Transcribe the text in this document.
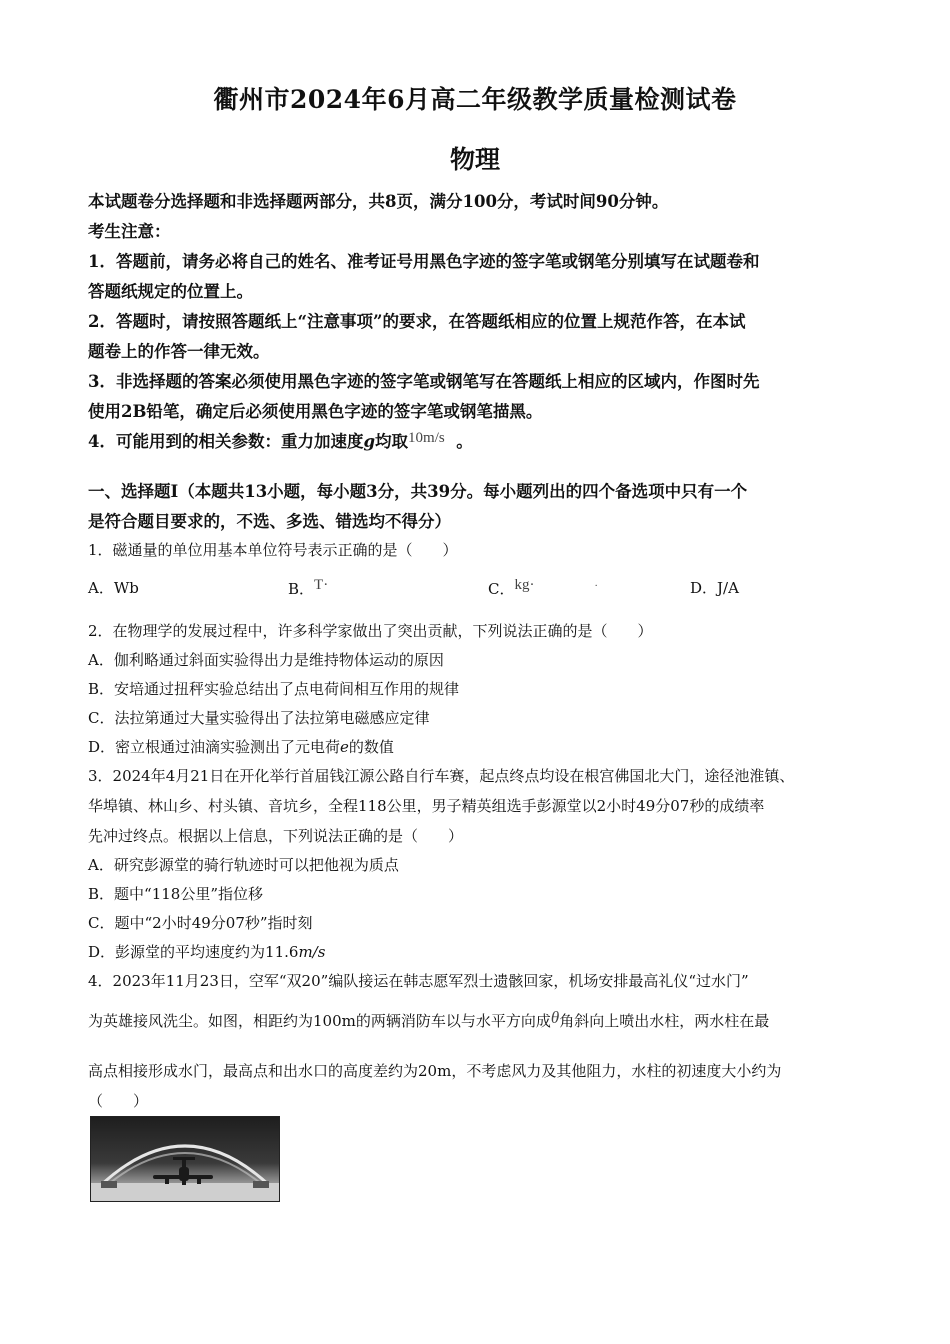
衢州市2024年6月高二年级教学质量检测试卷
物理
本试题卷分选择题和非选择题两部分，共8页，满分100分，考试时间90分钟。
考生注意：
1．答题前，请务必将自己的姓名、准考证号用黑色字迹的签字笔或钢笔分别填写在试题卷和
答题纸规定的位置上。
2．答题时，请按照答题纸上“注意事项”的要求，在答题纸相应的位置上规范作答，在本试
题卷上的作答一律无效。
3．非选择题的答案必须使用黑色字迹的签字笔或钢笔写在答题纸上相应的区域内，作图时先
使用2B铅笔，确定后必须使用黑色字迹的签字笔或钢笔描黑。
4．可能用到的相关参数：重力加速度g均取10m/s 。
一、选择题Ⅰ（本题共13小题，每小题3分，共39分。每小题列出的四个备选项中只有一个
是符合题目要求的，不选、多选、错选均不得分）
1．磁通量的单位用基本单位符号表示正确的是（　　）
A．Wb	B．T·	C．kg·	·	D．J/A
2．在物理学的发展过程中，许多科学家做出了突出贡献，下列说法正确的是（　　）
A．伽利略通过斜面实验得出力是维持物体运动的原因
B．安培通过扭秤实验总结出了点电荷间相互作用的规律
C．法拉第通过大量实验得出了法拉第电磁感应定律
D．密立根通过油滴实验测出了元电荷e的数值
3．2024年4月21日在开化举行首届钱江源公路自行车赛，起点终点均设在根宫佛国北大门，途径池淮镇、
华埠镇、林山乡、村头镇、音坑乡，全程118公里，男子精英组选手彭源堂以2小时49分07秒的成绩率
先冲过终点。根据以上信息，下列说法正确的是（　　）
A．研究彭源堂的骑行轨迹时可以把他视为质点
B．题中“118公里”指位移
C．题中“2小时49分07秒”指时刻
D．彭源堂的平均速度约为11.6m/s
4．2023年11月23日，空军“双20”编队接运在韩志愿军烈士遗骸回家，机场安排最高礼仪“过水门”
为英雄接风洗尘。如图，相距约为100m的两辆消防车以与水平方向成θ角斜向上喷出水柱，两水柱在最
高点相接形成水门，最高点和出水口的高度差约为20m，不考虑风力及其他阻力，水柱的初速度大小约为
（　　）
